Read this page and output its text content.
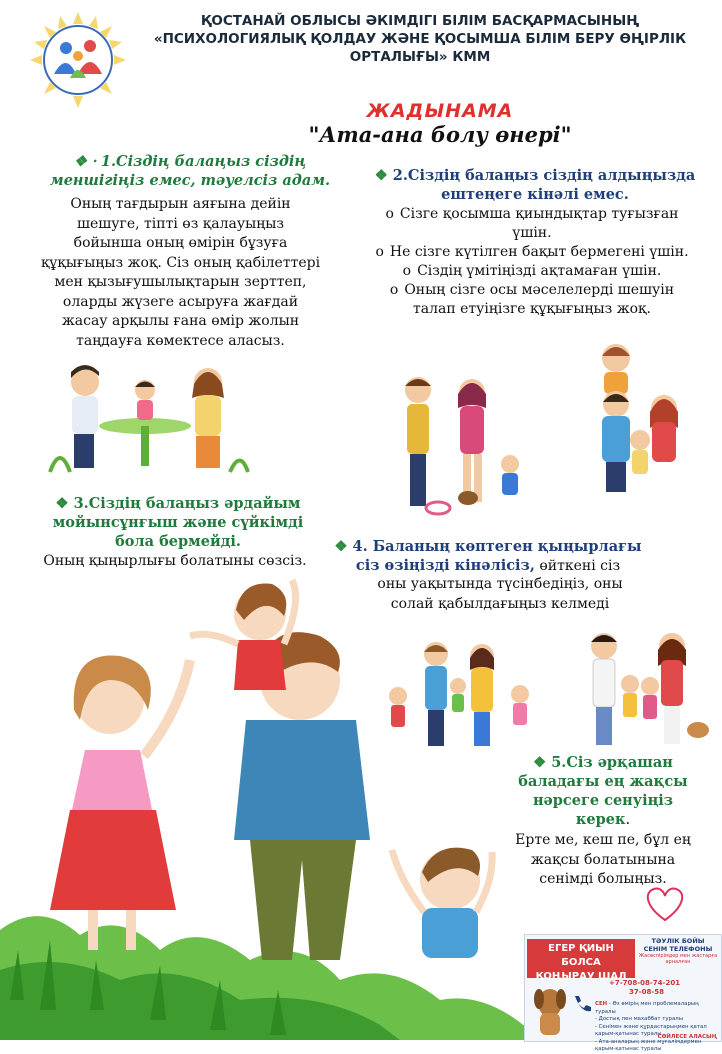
ҚОСТАНАЙ ОБЛЫСЫ ӘКІМДІГІ БІЛІМ БАСҚАРМАСЫНЫҢ
«ПСИХОЛОГИЯЛЫҚ ҚОЛДАУ ЖӘНЕ ҚОСЫМША БІЛІМ БЕРУ ӨҢІРЛІК
ОРТАЛЫҒЫ» КММ
ЖАДЫНАМА
"Ата-ана болу өнері"
❖ ⸱ 1.Сіздің балаңыз сіздің
меншігіңіз емес, тәуелсіз адам.
Оның тағдырын аяғына дейін
шешуге, тіпті өз қалауыңыз
бойынша оның өмірін бұзуға
құқығыңыз жоқ. Сіз оның қабілеттері
мен қызығушылықтарын зерттеп,
оларды жүзеге асыруға жағдай
жасау арқылы ғана өмір жолын
таңдауға көмектесе аласыз.
❖ 2.Сіздің балаңыз сіздің алдыңызда
ештеңеге кінәлі емес.
o Сізге қосымша қиындықтар туғызған
үшін.
o Не сізге күтілген бақыт бермегені үшін.
o Сіздің үмітіңізді ақтамаған үшін.
o Оның сізге осы мәселелерді шешуін
талап етуіңізге құқығыңыз жоқ.
❖ 3.Сіздің балаңыз әрдайым
мойынсұнғыш және сүйкімді
бола бермейді.
Оның қыңырлығы болатыны сөзсіз.
❖ 4. Баланың көптеген қыңырлағы
сіз өзіңізді кінәлісіз, өйткені сіз
оны уақытында түсінбедіңіз, оны
солай қабылдағыңыз келмеді
❖ 5.Сіз әрқашан
баладағы ең жақсы
нәрсеге сенуіңіз
керек.
Ерте ме, кеш пе, бұл ең
жақсы болатынына
сенімді болыңыз.
ЕГЕР ҚИЫН БОЛСА
ҚОҢЫРАУ ШАЛ
ТӘУЛІК БОЙЫ
СЕНІМ ТЕЛЕФОНЫ
Жасөспірімдер мен жастарға арналған
+7-708-08-74-201
37-08-58
СЕН - Өз өмірің мен проблемаларың туралы
- Достық пен махаббат туралы
- Сенімен және құрдастарыңмен қатал қарым-қатынас туралы
- Ата-аналарың және мұғалімдермен қарым-қатынас туралы
СӨЙЛЕСЕ АЛАСЫҢ
